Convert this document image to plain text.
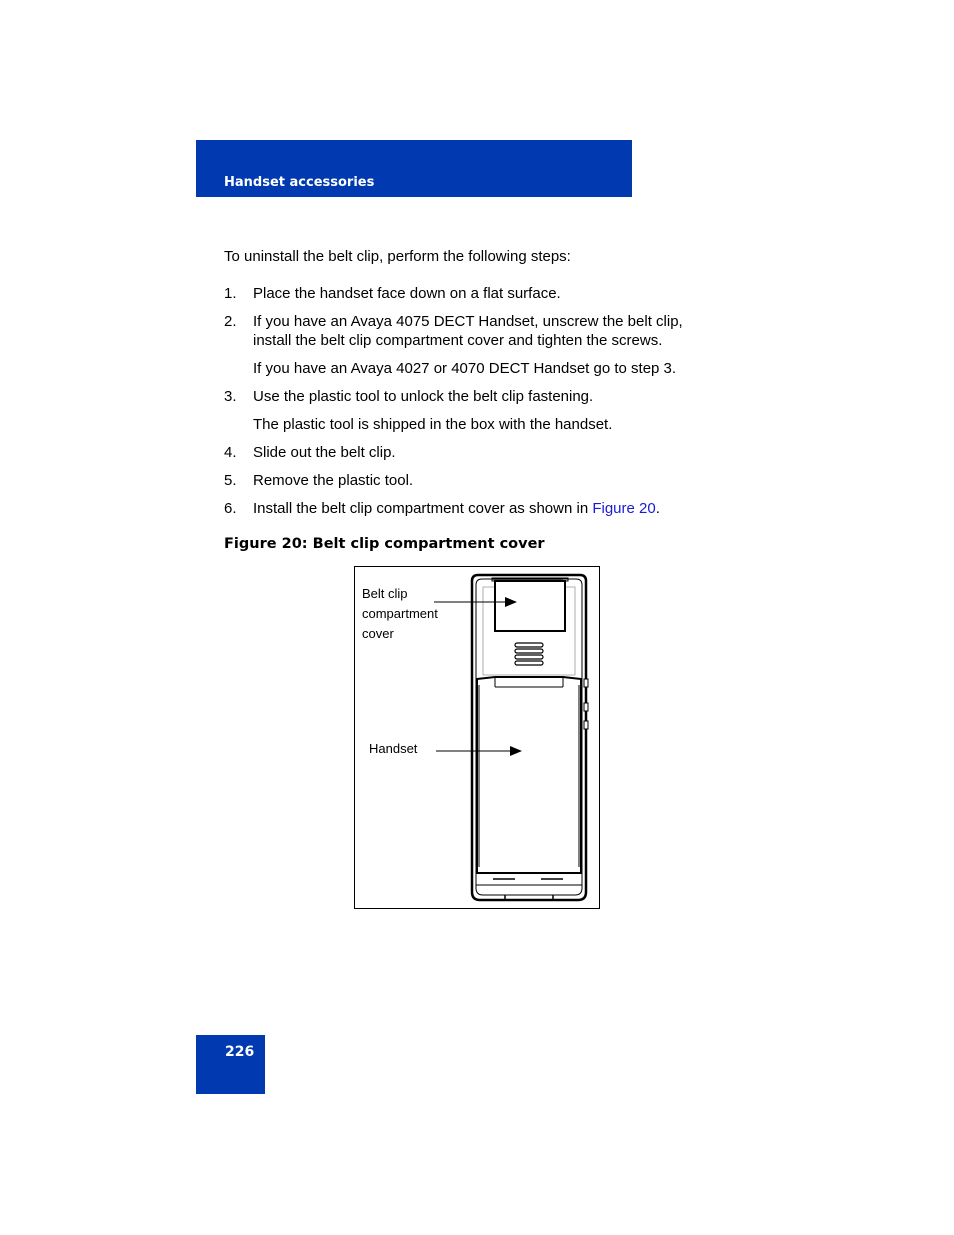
Handset accessories
To uninstall the belt clip, perform the following steps:
1. Place the handset face down on a flat surface.
2. If you have an Avaya 4075 DECT Handset, unscrew the belt clip,
install the belt clip compartment cover and tighten the screws.
If you have an Avaya 4027 or 4070 DECT Handset go to step 3.
3. Use the plastic tool to unlock the belt clip fastening.
The plastic tool is shipped in the box with the handset.
4. Slide out the belt clip.
5. Remove the plastic tool.
6. Install the belt clip compartment cover as shown in Figure 20.
Figure 20: Belt clip compartment cover
Belt clip
compartment
cover
Handset
226
